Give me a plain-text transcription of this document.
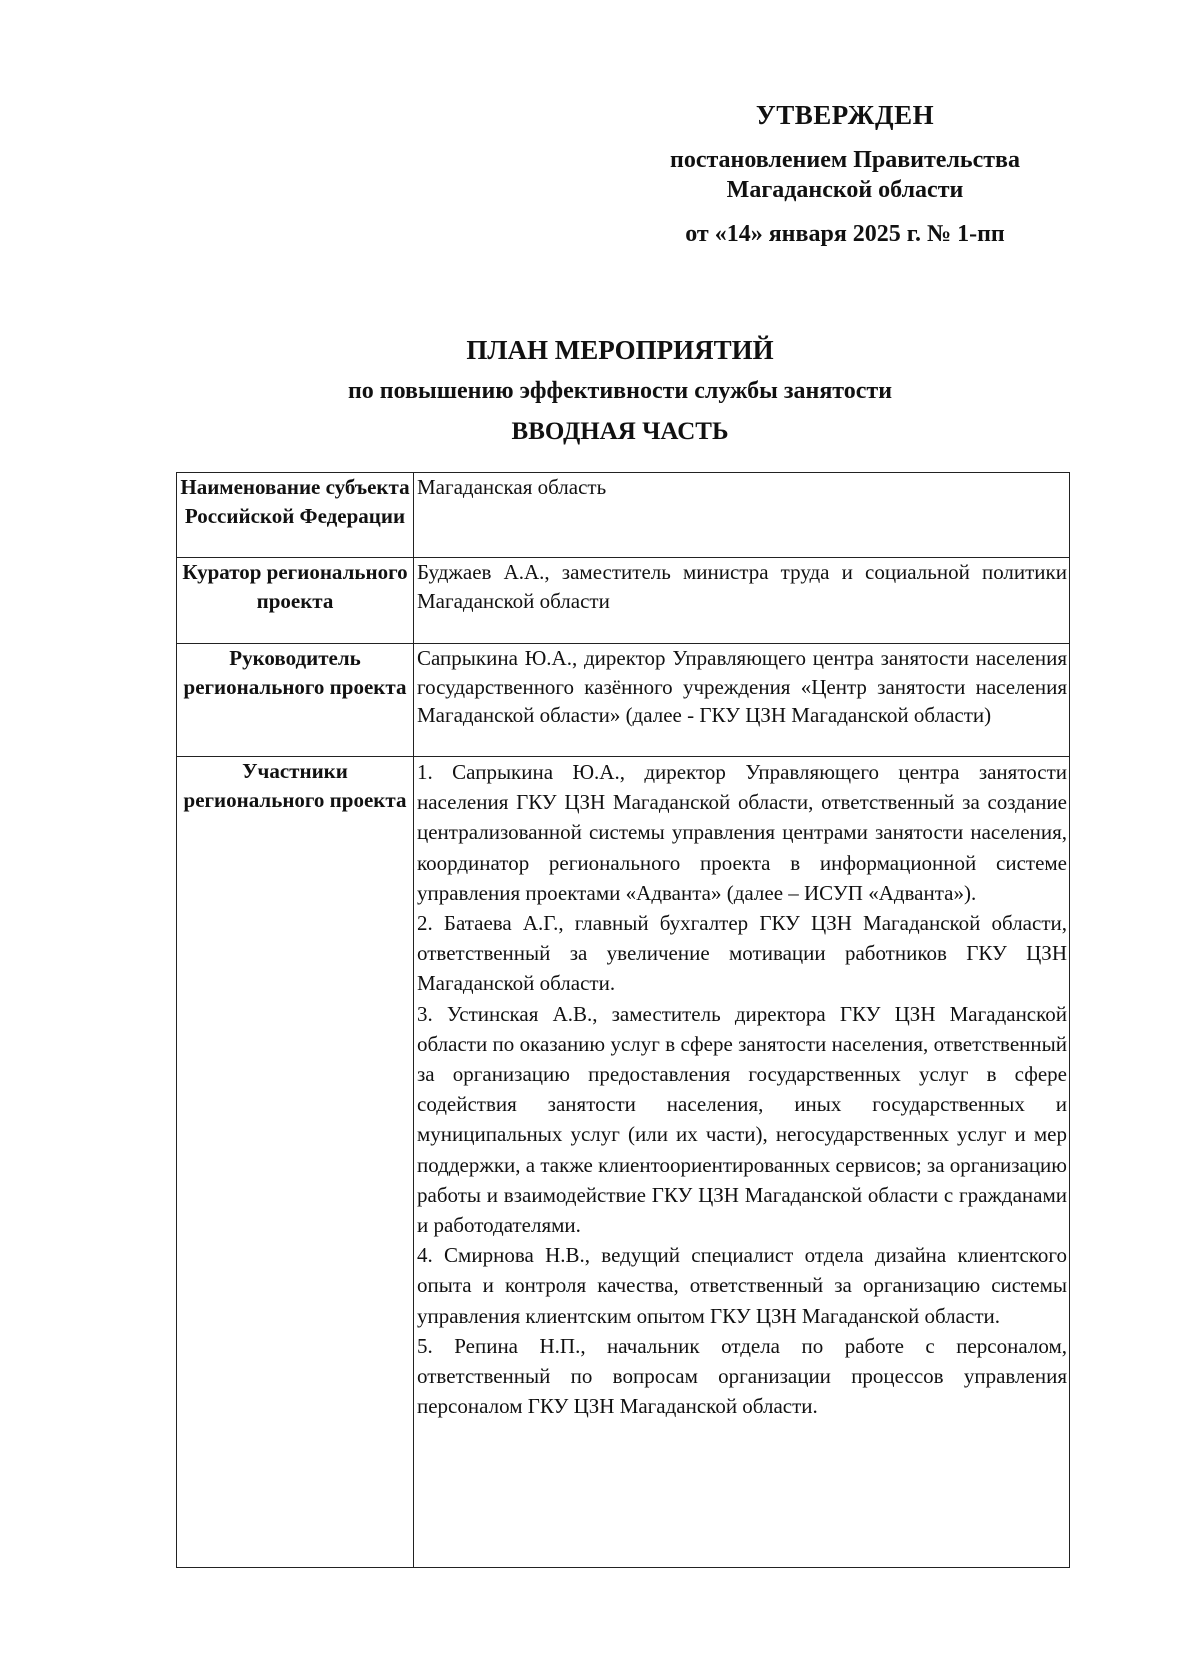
УТВЕРЖДЕН
постановлением Правительства
Магаданской области
от «14» января 2025 г. № 1-пп
ПЛАН МЕРОПРИЯТИЙ
по повышению эффективности службы занятости
ВВОДНАЯ ЧАСТЬ
Наименование субъекта Российской Федерации	Магаданская область
Куратор регионального проекта	Буджаев А.А., заместитель министра труда и социальной политики Магаданской области
Руководитель регионального проекта	Сапрыкина Ю.А., директор Управляющего центра занятости населения государственного казённого учреждения «Центр занятости населения Магаданской области» (далее - ГКУ ЦЗН Магаданской области)
Участники регионального проекта	1. Сапрыкина Ю.А., директор Управляющего центра занятости населения ГКУ ЦЗН Магаданской области, ответственный за создание централизованной системы управления центрами занятости населения, координатор регионального проекта в информационной системе управления проектами «Адванта» (далее – ИСУП «Адванта»).

2. Батаева А.Г., главный бухгалтер ГКУ ЦЗН Магаданской области, ответственный за увеличение мотивации работников ГКУ ЦЗН Магаданской области.

3. Устинская А.В., заместитель директора ГКУ ЦЗН Магаданской области по оказанию услуг в сфере занятости населения, ответственный за организацию предоставления государственных услуг в сфере содействия занятости населения, иных государственных и муниципальных услуг (или их части), негосударственных услуг и мер поддержки, а также клиентоориентированных сервисов; за организацию работы и взаимодействие ГКУ ЦЗН Магаданской области с гражданами и работодателями.

4. Смирнова Н.В., ведущий специалист отдела дизайна клиентского опыта и контроля качества, ответственный за организацию системы управления клиентским опытом ГКУ ЦЗН Магаданской области.

5. Репина Н.П., начальник отдела по работе с персоналом, ответственный по вопросам организации процессов управления персоналом ГКУ ЦЗН Магаданской области.
